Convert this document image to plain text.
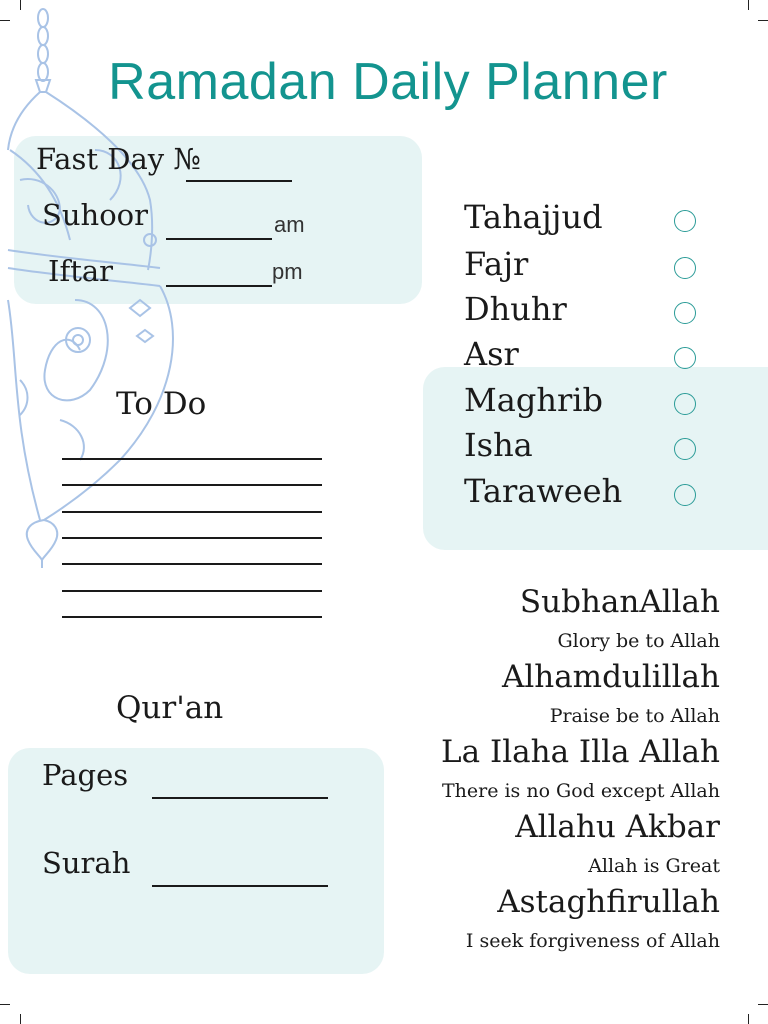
Ramadan Daily Planner
Fast Day №
Suhoor	am
Iftar	pm
To Do
Tahajjud
Fajr
Dhuhr
Asr
Maghrib
Isha
Taraweeh
Qur'an
Pages
Surah
SubhanAllah
Glory be to Allah
Alhamdulillah
Praise be to Allah
La Ilaha Illa Allah
There is no God except Allah
Allahu Akbar
Allah is Great
Astaghfirullah
I seek forgiveness of Allah
